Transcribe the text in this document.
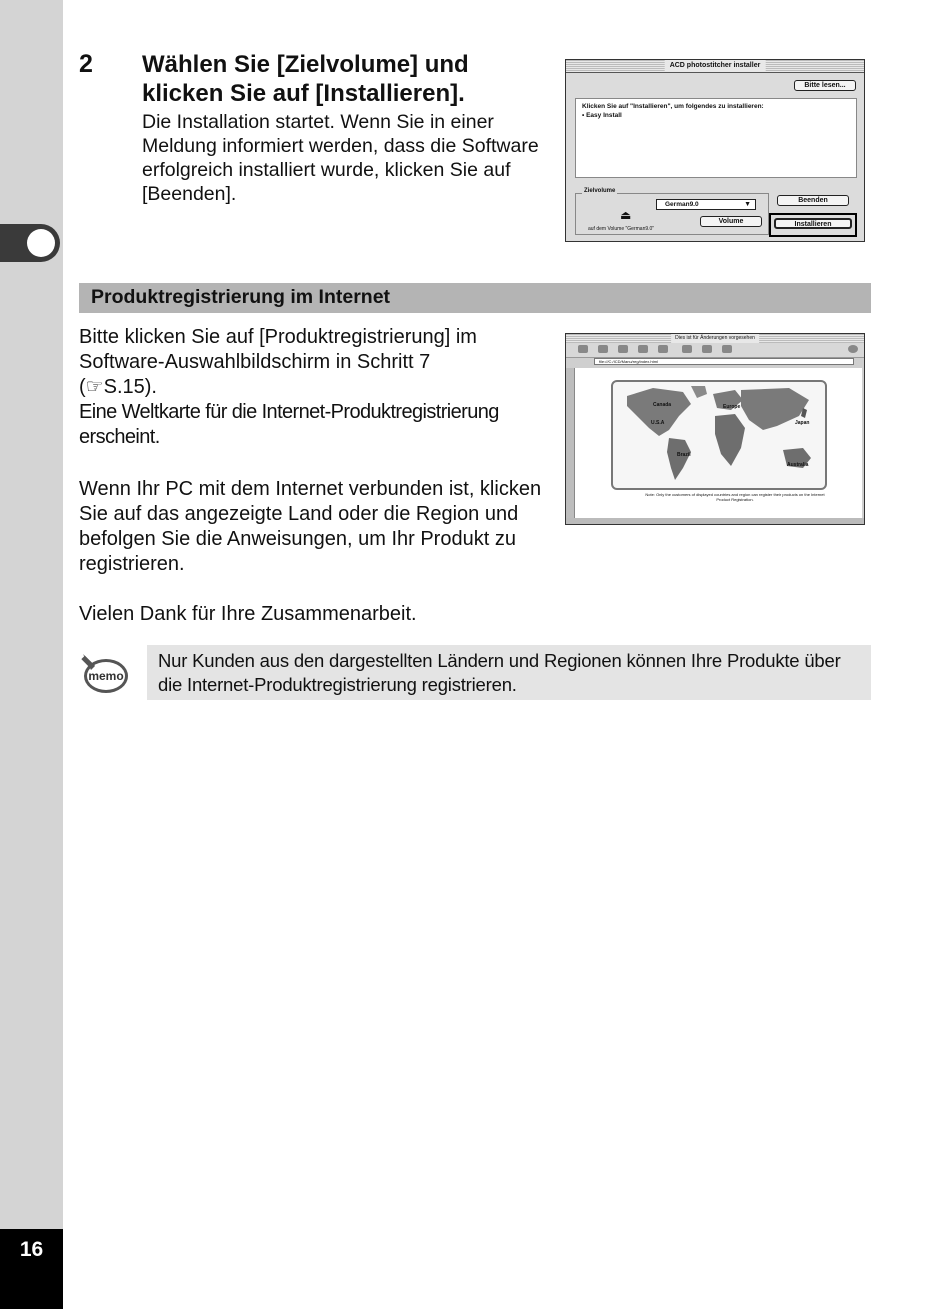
16
2 Wählen Sie [Zielvolume] und klicken Sie auf [Installieren].

Die Installation startet. Wenn Sie in einer Meldung informiert werden, dass die Software erfolgreich installiert wurde, klicken Sie auf [Beenden].

ACD photostitcher installer
Bitte lesen...
Klicken Sie auf "Installieren", um folgendes zu installieren:
• Easy Install
Zielvolume
German9.0	▼
⏏	Volume
auf dem Volume "German9.0"
Beenden
Installieren
Produktregistrierung im Internet

Bitte klicken Sie auf [Produktregistrierung] im Software-Auswahlbildschirm in Schritt 7
(☞S.15).
Eine Weltkarte für die Internet-Produktregistrierung erscheint.

Wenn Ihr PC mit dem Internet verbunden ist, klicken Sie auf das angezeigte Land oder die Region und befolgen Sie die Anweisungen, um Ihr Produkt zu registrieren.

Vielen Dank für Ihre Zusammenarbeit.

Dies ist für Änderungen vorgesehen
file:///C:/ICD/Manu/reg/index.html
Canada	Europe
U.S.A	Japan
Brazil
Australia
Note: Only the customers of displayed countries and region can register their products on the Internet Product Registration.
memo

Nur Kunden aus den dargestellten Ländern und Regionen können Ihre Produkte über die Internet-Produktregistrierung registrieren.
